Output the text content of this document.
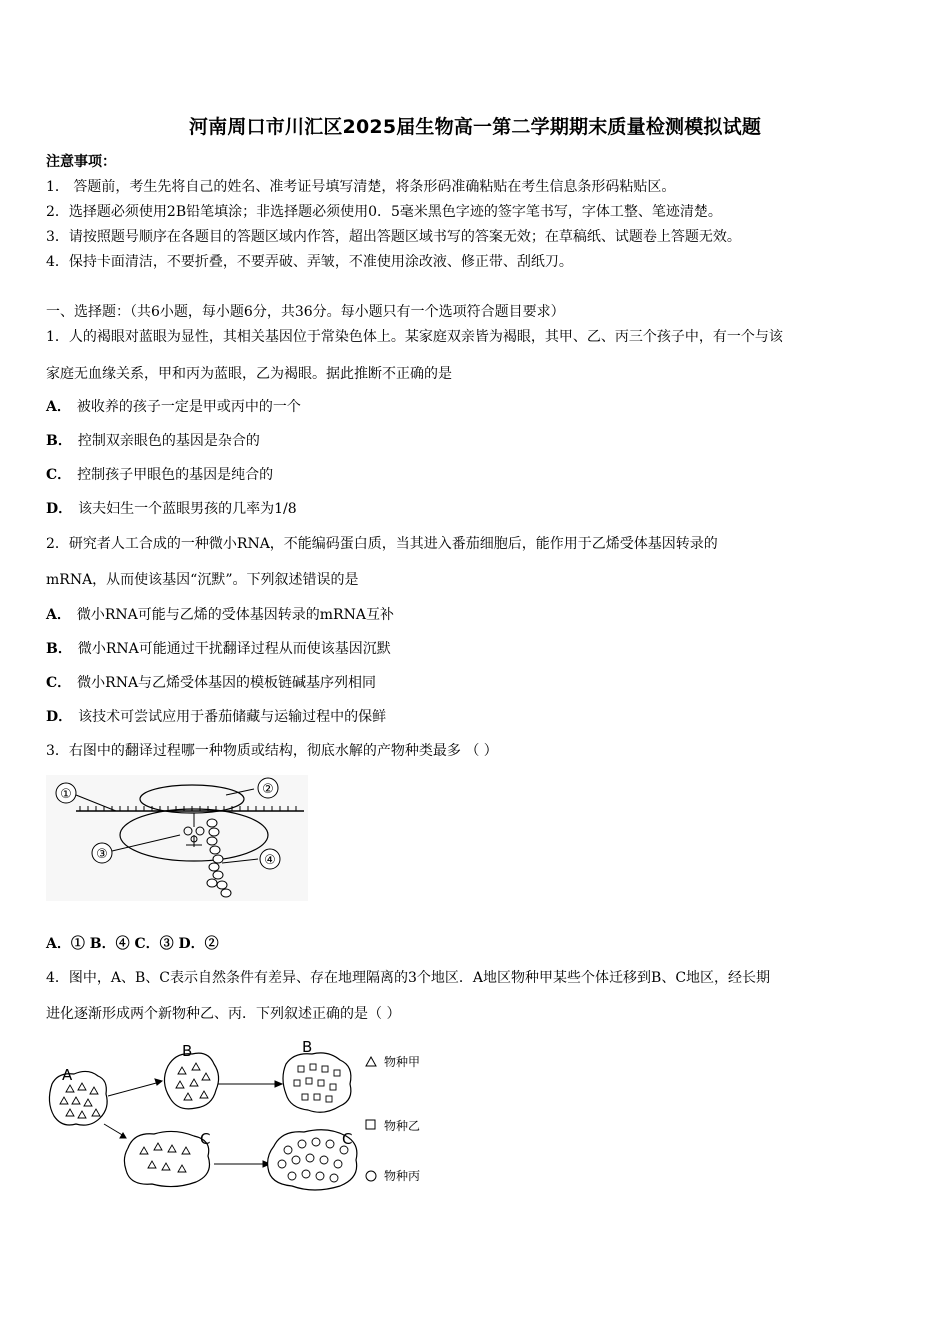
河南周口市川汇区2025届生物高一第二学期期末质量检测模拟试题
注意事项：
1． 答题前，考生先将自己的姓名、准考证号填写清楚，将条形码准确粘贴在考生信息条形码粘贴区。
2．选择题必须使用2B铅笔填涂；非选择题必须使用0．5毫米黑色字迹的签字笔书写，字体工整、笔迹清楚。
3．请按照题号顺序在各题目的答题区域内作答，超出答题区域书写的答案无效；在草稿纸、试题卷上答题无效。
4．保持卡面清洁，不要折叠，不要弄破、弄皱，不准使用涂改液、修正带、刮纸刀。
一、选择题：（共6小题，每小题6分，共36分。每小题只有一个选项符合题目要求）
1．人的褐眼对蓝眼为显性，其相关基因位于常染色体上。某家庭双亲皆为褐眼，其甲、乙、丙三个孩子中，有一个与该
家庭无血缘关系，甲和丙为蓝眼，乙为褐眼。据此推断不正确的是
A． 被收养的孩子一定是甲或丙中的一个
B． 控制双亲眼色的基因是杂合的
C． 控制孩子甲眼色的基因是纯合的
D． 该夫妇生一个蓝眼男孩的几率为1/8
2．研究者人工合成的一种微小RNA，不能编码蛋白质，当其进入番茄细胞后，能作用于乙烯受体基因转录的
mRNA，从而使该基因“沉默”。下列叙述错误的是
A． 微小RNA可能与乙烯的受体基因转录的mRNA互补
B． 微小RNA可能通过干扰翻译过程从而使该基因沉默
C． 微小RNA与乙烯受体基因的模板链碱基序列相同
D． 该技术可尝试应用于番茄储藏与运输过程中的保鲜
3．右图中的翻译过程哪一种物质或结构，彻底水解的产物种类最多 （ ）
①	②
③	④
A．① B．④ C．③ D．②
4．图中，A、B、C表示自然条件有差异、存在地理隔离的3个地区．A地区物种甲某些个体迁移到B、C地区，经长期
进化逐渐形成两个新物种乙、丙．下列叙述正确的是（ ）
A
B	B
C	C
物种甲
物种乙
物种丙
